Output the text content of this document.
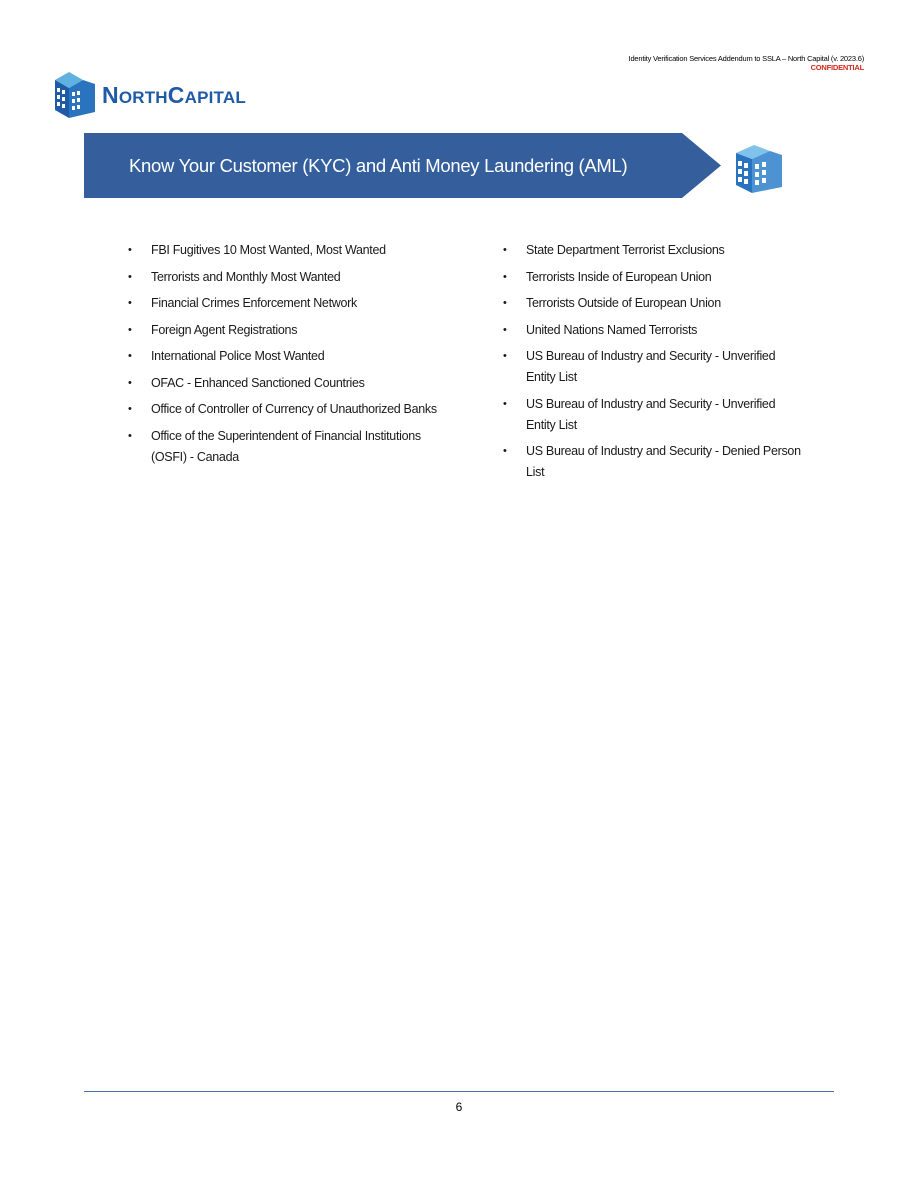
Identity Verification Services Addendum to SSLA – North Capital (v. 2023.6)
CONFIDENTIAL
NORTHCAPITAL
Know Your Customer (KYC) and Anti Money Laundering (AML)
• FBI Fugitives 10 Most Wanted, Most Wanted
• Terrorists and Monthly Most Wanted
• Financial Crimes Enforcement Network
• Foreign Agent Registrations
• International Police Most Wanted
• OFAC - Enhanced Sanctioned Countries
• Office of Controller of Currency of Unauthorized Banks
• Office of the Superintendent of Financial Institutions (OSFI) - Canada
• State Department Terrorist Exclusions
• Terrorists Inside of European Union
• Terrorists Outside of European Union
• United Nations Named Terrorists
• US Bureau of Industry and Security - Unverified Entity List
• US Bureau of Industry and Security - Unverified Entity List
• US Bureau of Industry and Security - Denied Person List
6
